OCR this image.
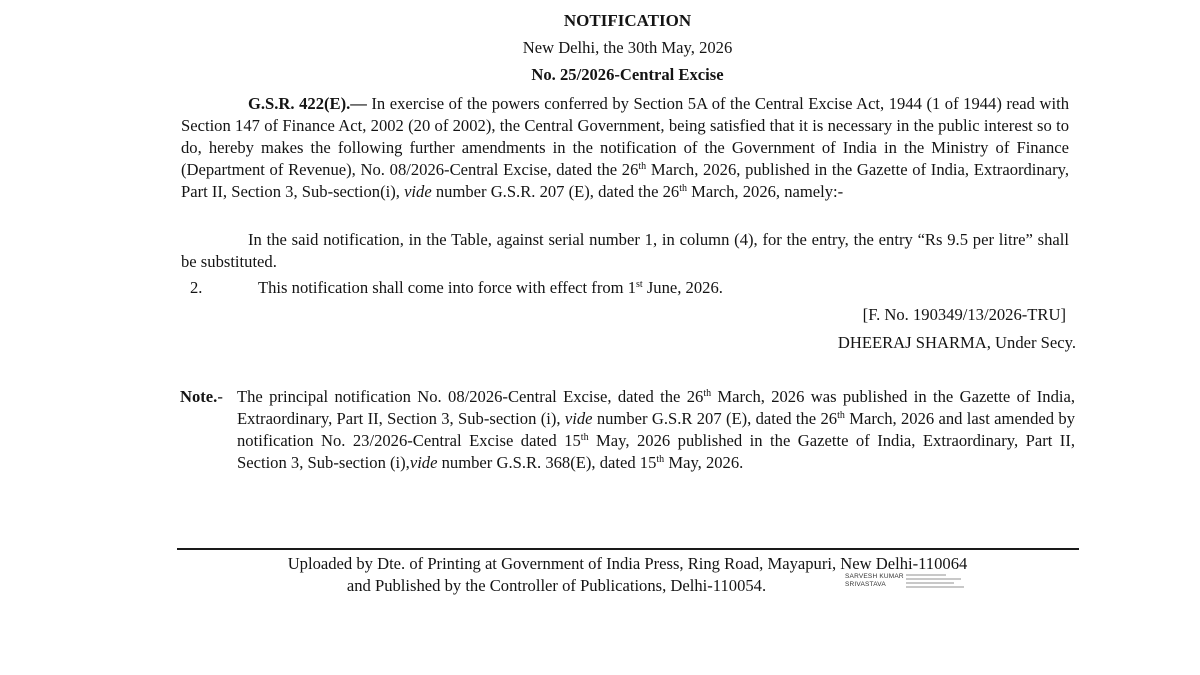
NOTIFICATION
New Delhi, the 30th May, 2026
No. 25/2026-Central Excise
G.S.R. 422(E).— In exercise of the powers conferred by Section 5A of the Central Excise Act, 1944 (1 of 1944) read with Section 147 of Finance Act, 2002 (20 of 2002), the Central Government, being satisfied that it is necessary in the public interest so to do, hereby makes the following further amendments in the notification of the Government of India in the Ministry of Finance (Department of Revenue), No. 08/2026-Central Excise, dated the 26th March, 2026, published in the Gazette of India, Extraordinary, Part II, Section 3, Sub-section(i), vide number G.S.R. 207 (E), dated the 26th March, 2026, namely:-
In the said notification, in the Table, against serial number 1, in column (4), for the entry, the entry “Rs 9.5 per litre” shall be substituted.
2.	This notification shall come into force with effect from 1st June, 2026.
[F. No. 190349/13/2026-TRU]
DHEERAJ SHARMA, Under Secy.
Note.- The principal notification No. 08/2026-Central Excise, dated the 26th March, 2026 was published in the Gazette of India, Extraordinary, Part II, Section 3, Sub-section (i), vide number G.S.R 207 (E), dated the 26th March, 2026 and last amended by notification No. 23/2026-Central Excise dated 15th May, 2026 published in the Gazette of India, Extraordinary, Part II, Section 3, Sub-section (i),vide number G.S.R. 368(E), dated 15th May, 2026.
Uploaded by Dte. of Printing at Government of India Press, Ring Road, Mayapuri, New Delhi-110064
and Published by the Controller of Publications, Delhi-110054.	SARVESH KUMAR
SRIVASTAVA
